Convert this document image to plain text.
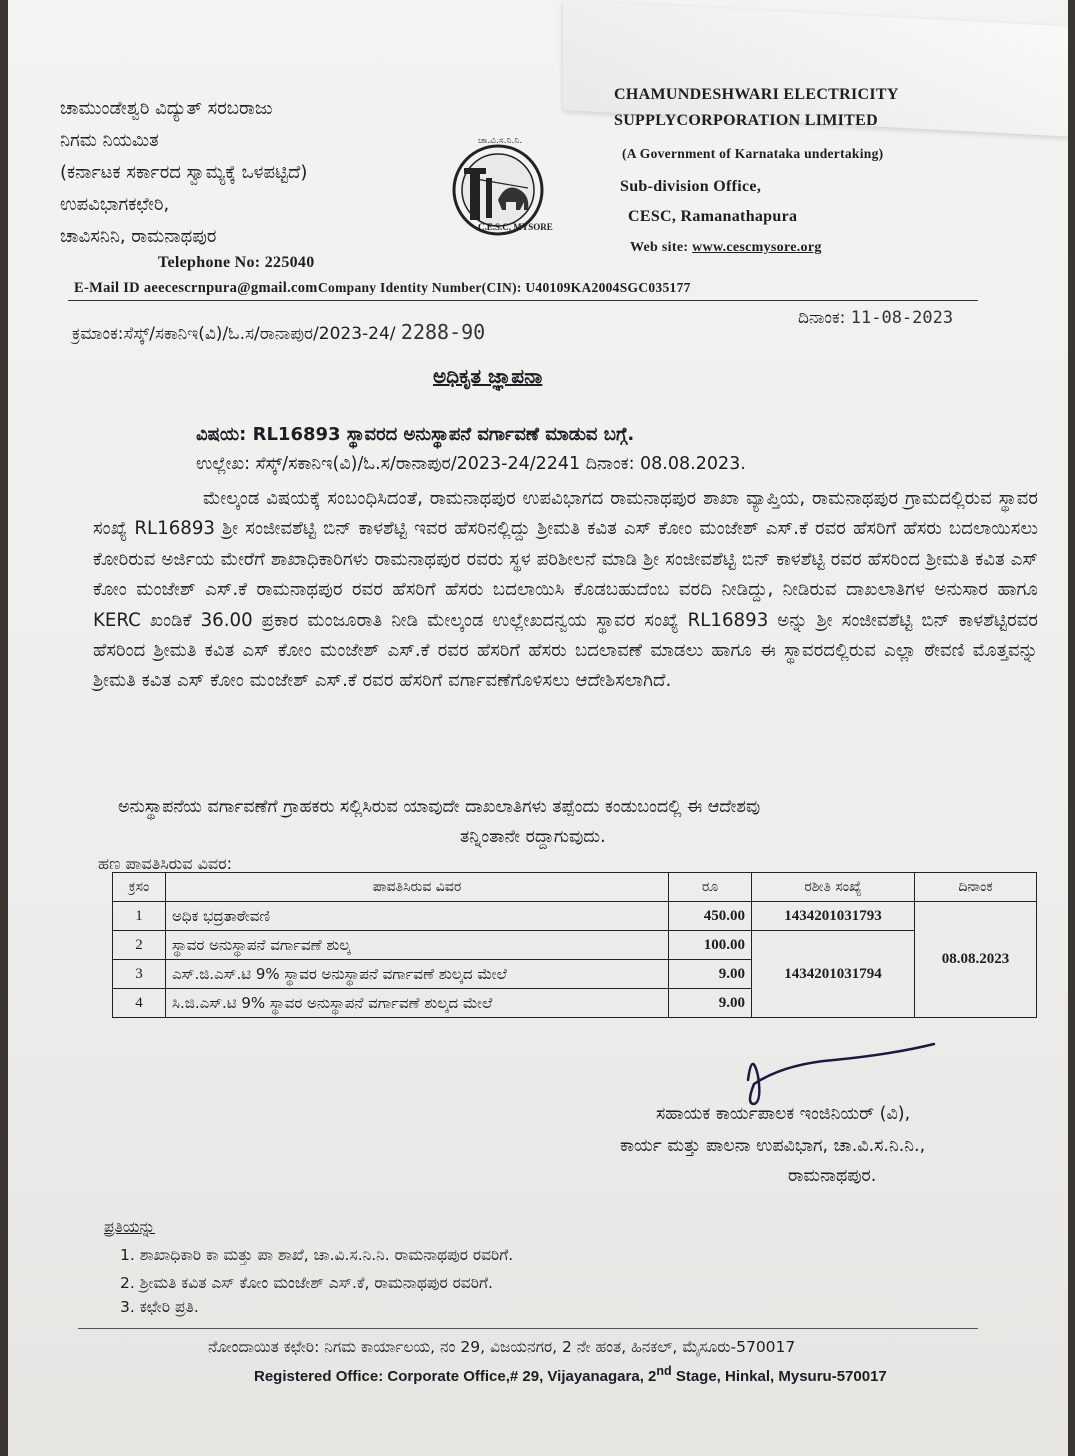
ಚಾಮುಂಡೇಶ್ವರಿ ವಿದ್ಯುತ್ ಸರಬರಾಜು
ನಿಗಮ ನಿಯಮಿತ
(ಕರ್ನಾಟಕ ಸರ್ಕಾರದ ಸ್ವಾಮ್ಯಕ್ಕೆ ಒಳಪಟ್ಟಿದೆ)
ಉಪವಿಭಾಗಕಛೇರಿ,
ಚಾವಿಸನಿನಿ, ರಾಮನಾಥಪುರ
Telephone No: 225040
E-Mail ID aeecescrnpura@gmail.com
ಚಾ.ವಿ.ಸ.ನಿ.ನಿ.
C.E.S.C, MYSORE
CHAMUNDESHWARI ELECTRICITY
SUPPLYCORPORATION LIMITED
(A Government of Karnataka undertaking)
Sub-division Office,
CESC, Ramanathapura
Web site: www.cescmysore.org
Company Identity Number(CIN): U40109KA2004SGC035177
ಕ್ರಮಾಂಕ:ಸೆಸ್ಕ್/ಸಕಾನಿಇ(ವಿ)/ಓ.ಸ/ರಾನಾಪುರ/2023-24/ 2288-90
ದಿನಾಂಕ: 11-08-2023
ಅಧಿಕೃತ ಜ್ಞಾಪನಾ
ವಿಷಯ: RL16893 ಸ್ಥಾವರದ ಅನುಸ್ಥಾಪನೆ ವರ್ಗಾವಣೆ ಮಾಡುವ ಬಗ್ಗೆ.
ಉಲ್ಲೇಖ: ಸೆಸ್ಕ್/ಸಕಾನಿಇ(ವಿ)/ಓ.ಸ/ರಾನಾಪುರ/2023-24/2241 ದಿನಾಂಕ: 08.08.2023.
ಮೇಲ್ಕಂಡ ವಿಷಯಕ್ಕೆ ಸಂಬಂಧಿಸಿದಂತೆ, ರಾಮನಾಥಪುರ ಉಪವಿಭಾಗದ ರಾಮನಾಥಪುರ ಶಾಖಾ ವ್ಯಾಪ್ತಿಯ, ರಾಮನಾಥಪುರ ಗ್ರಾಮದಲ್ಲಿರುವ ಸ್ಥಾವರ ಸಂಖ್ಯೆ RL16893 ಶ್ರೀ ಸಂಜೀವಶೆಟ್ಟಿ ಬಿನ್ ಕಾಳಶೆಟ್ಟಿ ಇವರ ಹೆಸರಿನಲ್ಲಿದ್ದು ಶ್ರೀಮತಿ ಕವಿತ ಎಸ್ ಕೋಂ ಮಂಜೇಶ್ ಎಸ್.ಕೆ ರವರ ಹೆಸರಿಗೆ ಹೆಸರು ಬದಲಾಯಿಸಲು ಕೋರಿರುವ ಅರ್ಜಿಯ ಮೇರೆಗೆ ಶಾಖಾಧಿಕಾರಿಗಳು ರಾಮನಾಥಪುರ ರವರು ಸ್ಥಳ ಪರಿಶೀಲನೆ ಮಾಡಿ ಶ್ರೀ ಸಂಜೀವಶೆಟ್ಟಿ ಬಿನ್ ಕಾಳಶೆಟ್ಟಿ ರವರ ಹೆಸರಿಂದ ಶ್ರೀಮತಿ ಕವಿತ ಎಸ್ ಕೋಂ ಮಂಜೇಶ್ ಎಸ್.ಕೆ ರಾಮನಾಥಪುರ ರವರ ಹೆಸರಿಗೆ ಹೆಸರು ಬದಲಾಯಿಸಿ ಕೊಡಬಹುದೆಂಬ ವರದಿ ನೀಡಿದ್ದು, ನೀಡಿರುವ ದಾಖಲಾತಿಗಳ ಅನುಸಾರ ಹಾಗೂ KERC ಖಂಡಿಕೆ 36.00 ಪ್ರಕಾರ ಮಂಜೂರಾತಿ ನೀಡಿ ಮೇಲ್ಕಂಡ ಉಲ್ಲೇಖದನ್ವಯ ಸ್ಥಾವರ ಸಂಖ್ಯೆ RL16893 ಅನ್ನು ಶ್ರೀ ಸಂಜೀವಶೆಟ್ಟಿ ಬಿನ್ ಕಾಳಶೆಟ್ಟಿರವರ ಹೆಸರಿಂದ ಶ್ರೀಮತಿ ಕವಿತ ಎಸ್ ಕೋಂ ಮಂಜೇಶ್ ಎಸ್.ಕೆ ರವರ ಹೆಸರಿಗೆ ಹೆಸರು ಬದಲಾವಣೆ ಮಾಡಲು ಹಾಗೂ ಈ ಸ್ಥಾವರದಲ್ಲಿರುವ ಎಲ್ಲಾ ಠೇವಣಿ ಮೊತ್ತವನ್ನು ಶ್ರೀಮತಿ ಕವಿತ ಎಸ್ ಕೋಂ ಮಂಜೇಶ್ ಎಸ್.ಕೆ ರವರ ಹೆಸರಿಗೆ ವರ್ಗಾವಣೆಗೊಳಿಸಲು ಆದೇಶಿಸಲಾಗಿದೆ.
ಅನುಸ್ಥಾಪನೆಯ ವರ್ಗಾವಣೆಗೆ ಗ್ರಾಹಕರು ಸಲ್ಲಿಸಿರುವ ಯಾವುದೇ ದಾಖಲಾತಿಗಳು ತಪ್ಪೆಂದು ಕಂಡುಬಂದಲ್ಲಿ ಈ ಆದೇಶವು
ತನ್ನಿಂತಾನೇ ರದ್ದಾಗುವುದು.
ಹಣ ಪಾವತಿಸಿರುವ ವಿವರ:
ಕ್ರಸಂ	ಪಾವತಿಸಿರುವ ವಿವರ	ರೂ	ರಶೀತಿ ಸಂಖ್ಯೆ	ದಿನಾಂಕ
1	ಅಧಿಕ ಭದ್ರತಾಠೇವಣಿ	450.00	1434201031793	08.08.2023
2	ಸ್ಥಾವರ ಅನುಸ್ಥಾಪನೆ ವರ್ಗಾವಣೆ ಶುಲ್ಕ	100.00	1434201031794	
3	ಎಸ್.ಜಿ.ಎಸ್.ಟಿ 9% ಸ್ಥಾವರ ಅನುಸ್ಥಾಪನೆ ವರ್ಗಾವಣೆ ಶುಲ್ಕದ ಮೇಲೆ	9.00		
4	ಸಿ.ಜಿ.ಎಸ್.ಟಿ 9% ಸ್ಥಾವರ ಅನುಸ್ಥಾಪನೆ ವರ್ಗಾವಣೆ ಶುಲ್ಕದ ಮೇಲೆ	9.00		
ಸಹಾಯಕ ಕಾರ್ಯಪಾಲಕ ಇಂಜಿನಿಯರ್ (ವಿ),
ಕಾರ್ಯ ಮತ್ತು ಪಾಲನಾ ಉಪವಿಭಾಗ, ಚಾ.ವಿ.ಸ.ನಿ.ನಿ.,
ರಾಮನಾಥಪುರ.
ಪ್ರತಿಯನ್ನು
1. ಶಾಖಾಧಿಕಾರಿ ಕಾ ಮತ್ತು ಪಾ ಶಾಖೆ, ಚಾ.ವಿ.ಸ.ನಿ.ನಿ. ರಾಮನಾಥಪುರ ರವರಿಗೆ.
2. ಶ್ರೀಮತಿ ಕವಿತ ಎಸ್ ಕೋಂ ಮಂಜೇಶ್ ಎಸ್.ಕೆ, ರಾಮನಾಥಪುರ ರವರಿಗೆ.
3. ಕಛೇರಿ ಪ್ರತಿ.
ನೋಂದಾಯಿತ ಕಛೇರಿ: ನಿಗಮ ಕಾರ್ಯಾಲಯ, ನಂ 29, ವಿಜಯನಗರ, 2 ನೇ ಹಂತ, ಹಿನಕಲ್, ಮೈಸೂರು-570017
Registered Office: Corporate Office,# 29, Vijayanagara, 2nd Stage, Hinkal, Mysuru-570017
